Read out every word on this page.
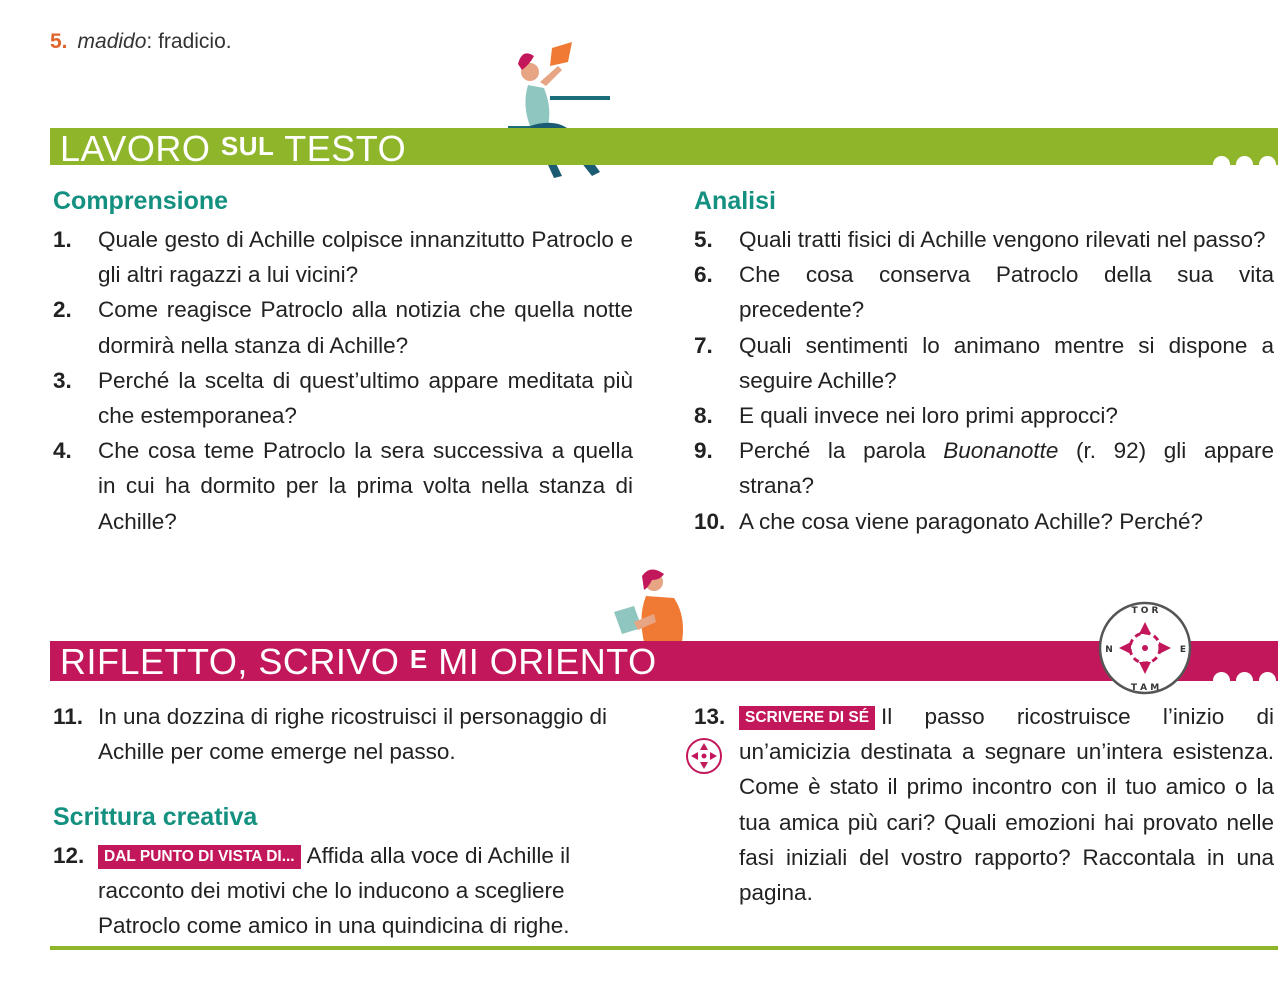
5. madido: fradicio.
LAVORO SUL TESTO
Comprensione
1. Quale gesto di Achille colpisce innanzitutto Patroclo e gli altri ragazzi a lui vicini?
2. Come reagisce Patroclo alla notizia che quella notte dormirà nella stanza di Achille?
3. Perché la scelta di quest’ultimo appare meditata più che estemporanea?
4. Che cosa teme Patroclo la sera successiva a quella in cui ha dormito per la prima volta nella stanza di Achille?
Analisi
5. Quali tratti fisici di Achille vengono rilevati nel passo?
6. Che cosa conserva Patroclo della sua vita precedente?
7. Quali sentimenti lo animano mentre si dispone a seguire Achille?
8. E quali invece nei loro primi approcci?
9. Perché la parola Buonanotte (r. 92) gli appare strana?
10. A che cosa viene paragonato Achille? Perché?
RIFLETTO, SCRIVO E MI ORIENTO
T O R
T A M
N	E
11. In una dozzina di righe ricostruisci il personaggio di Achille per come emerge nel passo.
Scrittura creativa
12.	DAL PUNTO DI VISTA DI... Affida alla voce di Achille il racconto dei motivi che lo inducono a scegliere Patroclo come amico in una quindicina di righe.
13.	SCRIVERE DI SÉ Il passo ricostruisce l’inizio di un’amicizia destinata a segnare un’intera esistenza. Come è stato il primo incontro con il tuo amico o la tua amica più cari? Quali emozioni hai provato nelle fasi iniziali del vostro rapporto? Raccontala in una pagina.
